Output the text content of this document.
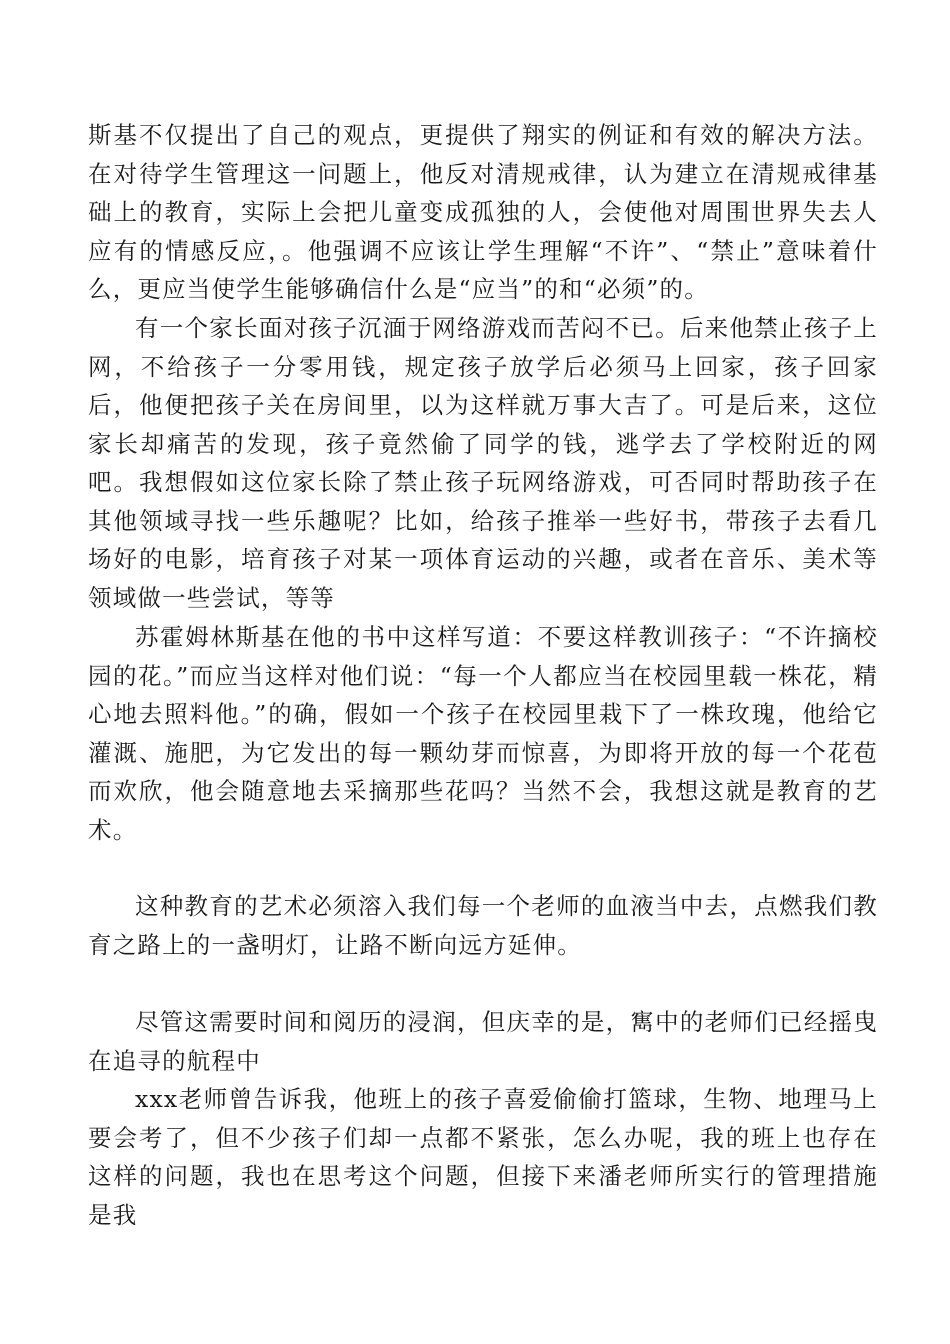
斯基不仅提出了自己的观点，更提供了翔实的例证和有效的解决方法。在对待学生管理这一问题上，他反对清规戒律，认为建立在清规戒律基础上的教育，实际上会把儿童变成孤独的人，会使他对周围世界失去人应有的情感反应，。他强调不应该让学生理解“不许”、“禁止”意味着什么，更应当使学生能够确信什么是“应当”的和“必须”的。

有一个家长面对孩子沉湎于网络游戏而苦闷不已。后来他禁止孩子上网，不给孩子一分零用钱，规定孩子放学后必须马上回家，孩子回家后，他便把孩子关在房间里，以为这样就万事大吉了。可是后来，这位家长却痛苦的发现，孩子竟然偷了同学的钱，逃学去了学校附近的网吧。我想假如这位家长除了禁止孩子玩网络游戏，可否同时帮助孩子在其他领域寻找一些乐趣呢？比如，给孩子推举一些好书，带孩子去看几场好的电影，培育孩子对某一项体育运动的兴趣，或者在音乐、美术等领域做一些尝试，等等

苏霍姆林斯基在他的书中这样写道：不要这样教训孩子：“不许摘校园的花。”而应当这样对他们说：“每一个人都应当在校园里载一株花，精心地去照料他。”的确，假如一个孩子在校园里栽下了一株玫瑰，他给它灌溉、施肥，为它发出的每一颗幼芽而惊喜，为即将开放的每一个花苞而欢欣，他会随意地去采摘那些花吗？当然不会，我想这就是教育的艺术。

这种教育的艺术必须溶入我们每一个老师的血液当中去，点燃我们教育之路上的一盏明灯，让路不断向远方延伸。

尽管这需要时间和阅历的浸润，但庆幸的是，寯中的老师们已经摇曳在追寻的航程中

xxx老师曾告诉我，他班上的孩子喜爱偷偷打篮球，生物、地理马上要会考了，但不少孩子们却一点都不紧张，怎么办呢，我的班上也存在这样的问题，我也在思考这个问题，但接下来潘老师所实行的管理措施是我
